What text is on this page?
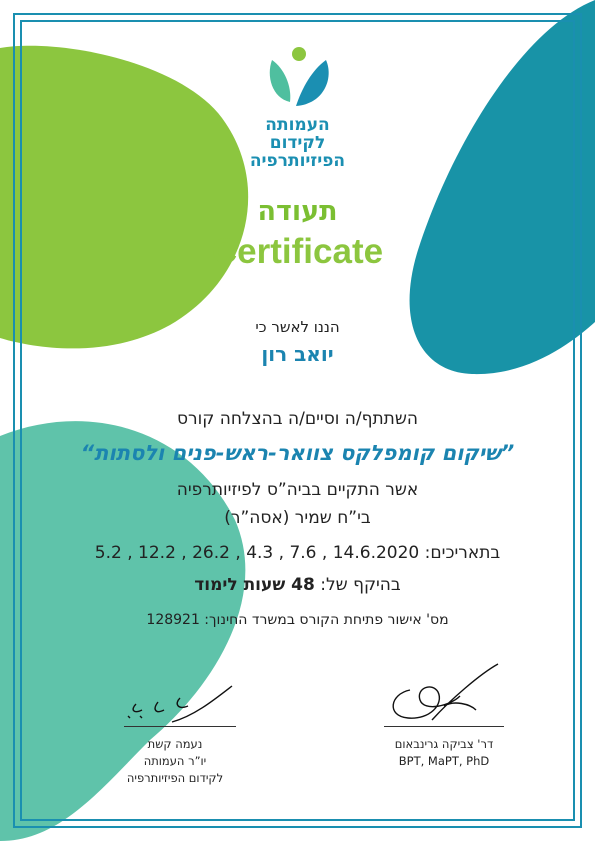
העמותה
לקידום
הפיזיותרפיה
תעודה
Certificate
הננו לאשר כי
יואב רון
השתתף/ה וסיים/ה בהצלחה קורס
”שיקום קומפלקס צוואר-ראש-פנים ולסתות“
אשר התקיים בביה”ס לפיזיותרפיה
בי”ח שמיר (אסה”ר)
בתאריכים: 14.6.2020 , 7.6 , 4.3 , 26.2 , 12.2 , 5.2
בהיקף של: 48 שעות לימוד
מס' אישור פתיחת הקורס במשרד החינוך: 128921
דר' צביקה גרינבאום
BPT, MaPT, PhD
נעמה קשת
יו”ר העמותה
לקידום הפיזיותרפיה
